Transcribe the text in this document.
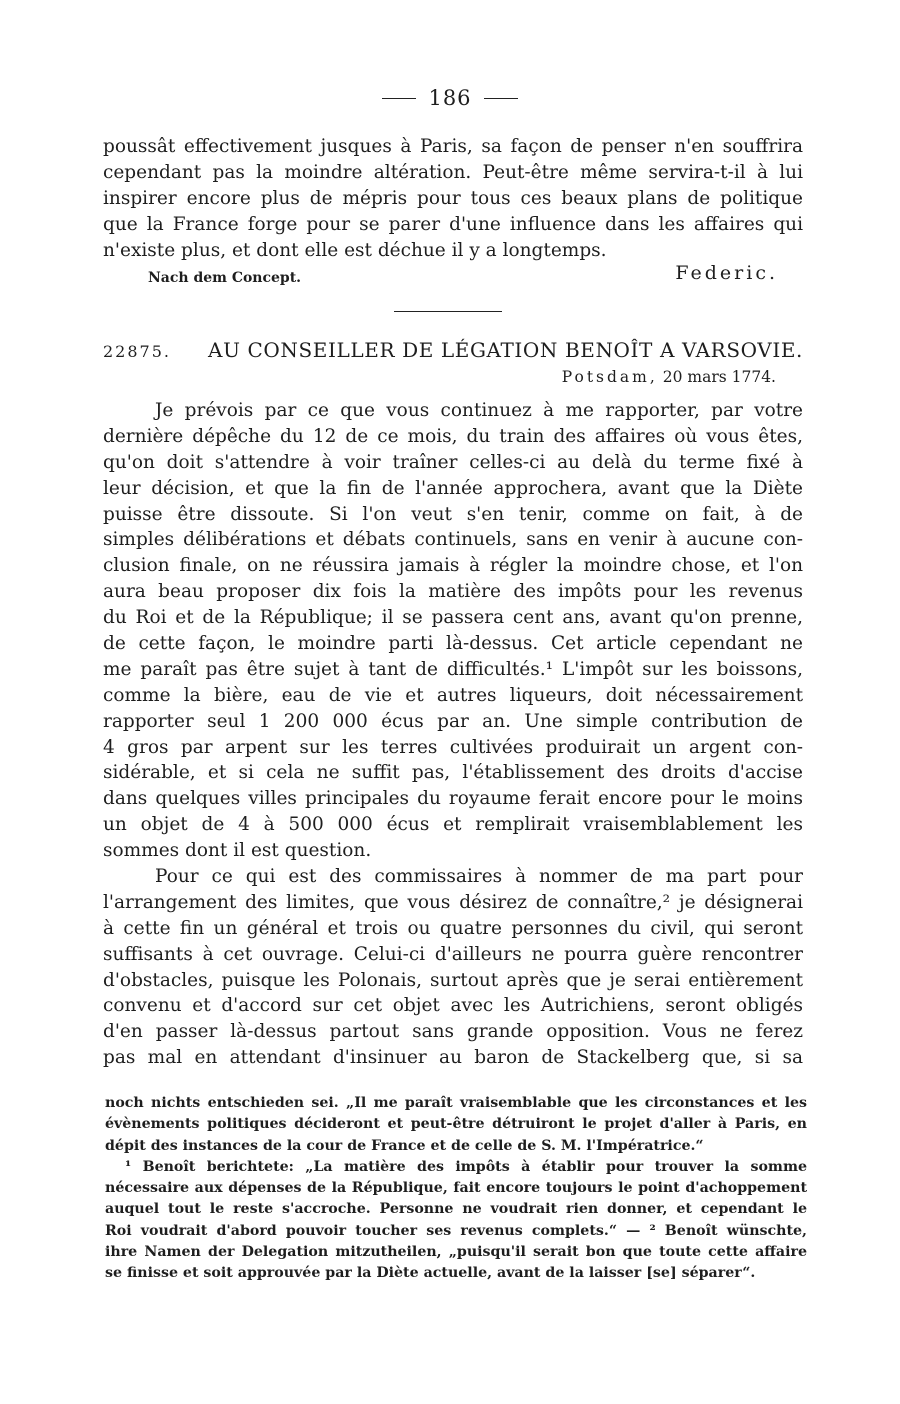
186
poussât effectivement jusques à Paris, sa façon de penser n'en souffrira
cependant pas la moindre altération. Peut-être même servira-t-il à lui
inspirer encore plus de mépris pour tous ces beaux plans de politique
que la France forge pour se parer d'une influence dans les affaires qui
n'existe plus, et dont elle est déchue il y a longtemps.
Nach dem Concept.	Federic.
22875. AU CONSEILLER DE LÉGATION BENOÎT A VARSOVIE.
Potsdam, 20 mars 1774.
Je prévois par ce que vous continuez à me rapporter, par votre
dernière dépêche du 12 de ce mois, du train des affaires où vous êtes,
qu'on doit s'attendre à voir traîner celles-ci au delà du terme fixé à
leur décision, et que la fin de l'année approchera, avant que la Diète
puisse être dissoute. Si l'on veut s'en tenir, comme on fait, à de
simples délibérations et débats continuels, sans en venir à aucune con-
clusion finale, on ne réussira jamais à régler la moindre chose, et l'on
aura beau proposer dix fois la matière des impôts pour les revenus
du Roi et de la République; il se passera cent ans, avant qu'on prenne,
de cette façon, le moindre parti là-dessus. Cet article cependant ne
me paraît pas être sujet à tant de difficultés.¹ L'impôt sur les boissons,
comme la bière, eau de vie et autres liqueurs, doit nécessairement
rapporter seul 1 200 000 écus par an. Une simple contribution de
4 gros par arpent sur les terres cultivées produirait un argent con-
sidérable, et si cela ne suffit pas, l'établissement des droits d'accise
dans quelques villes principales du royaume ferait encore pour le moins
un objet de 4 à 500 000 écus et remplirait vraisemblablement les
sommes dont il est question.
Pour ce qui est des commissaires à nommer de ma part pour
l'arrangement des limites, que vous désirez de connaître,² je désignerai
à cette fin un général et trois ou quatre personnes du civil, qui seront
suffisants à cet ouvrage. Celui-ci d'ailleurs ne pourra guère rencontrer
d'obstacles, puisque les Polonais, surtout après que je serai entièrement
convenu et d'accord sur cet objet avec les Autrichiens, seront obligés
d'en passer là-dessus partout sans grande opposition. Vous ne ferez
pas mal en attendant d'insinuer au baron de Stackelberg que, si sa
noch nichts entschieden sei. „Il me paraît vraisemblable que les circonstances et les
évènements politiques décideront et peut-être détruiront le projet d'aller à Paris, en
dépit des instances de la cour de France et de celle de S. M. l'Impératrice.“
¹ Benoît berichtete: „La matière des impôts à établir pour trouver la somme
nécessaire aux dépenses de la République, fait encore toujours le point d'achoppement
auquel tout le reste s'accroche. Personne ne voudrait rien donner, et cependant le
Roi voudrait d'abord pouvoir toucher ses revenus complets.“ — ² Benoît wünschte,
ihre Namen der Delegation mitzutheilen, „puisqu'il serait bon que toute cette affaire
se finisse et soit approuvée par la Diète actuelle, avant de la laisser [se] séparer“.
